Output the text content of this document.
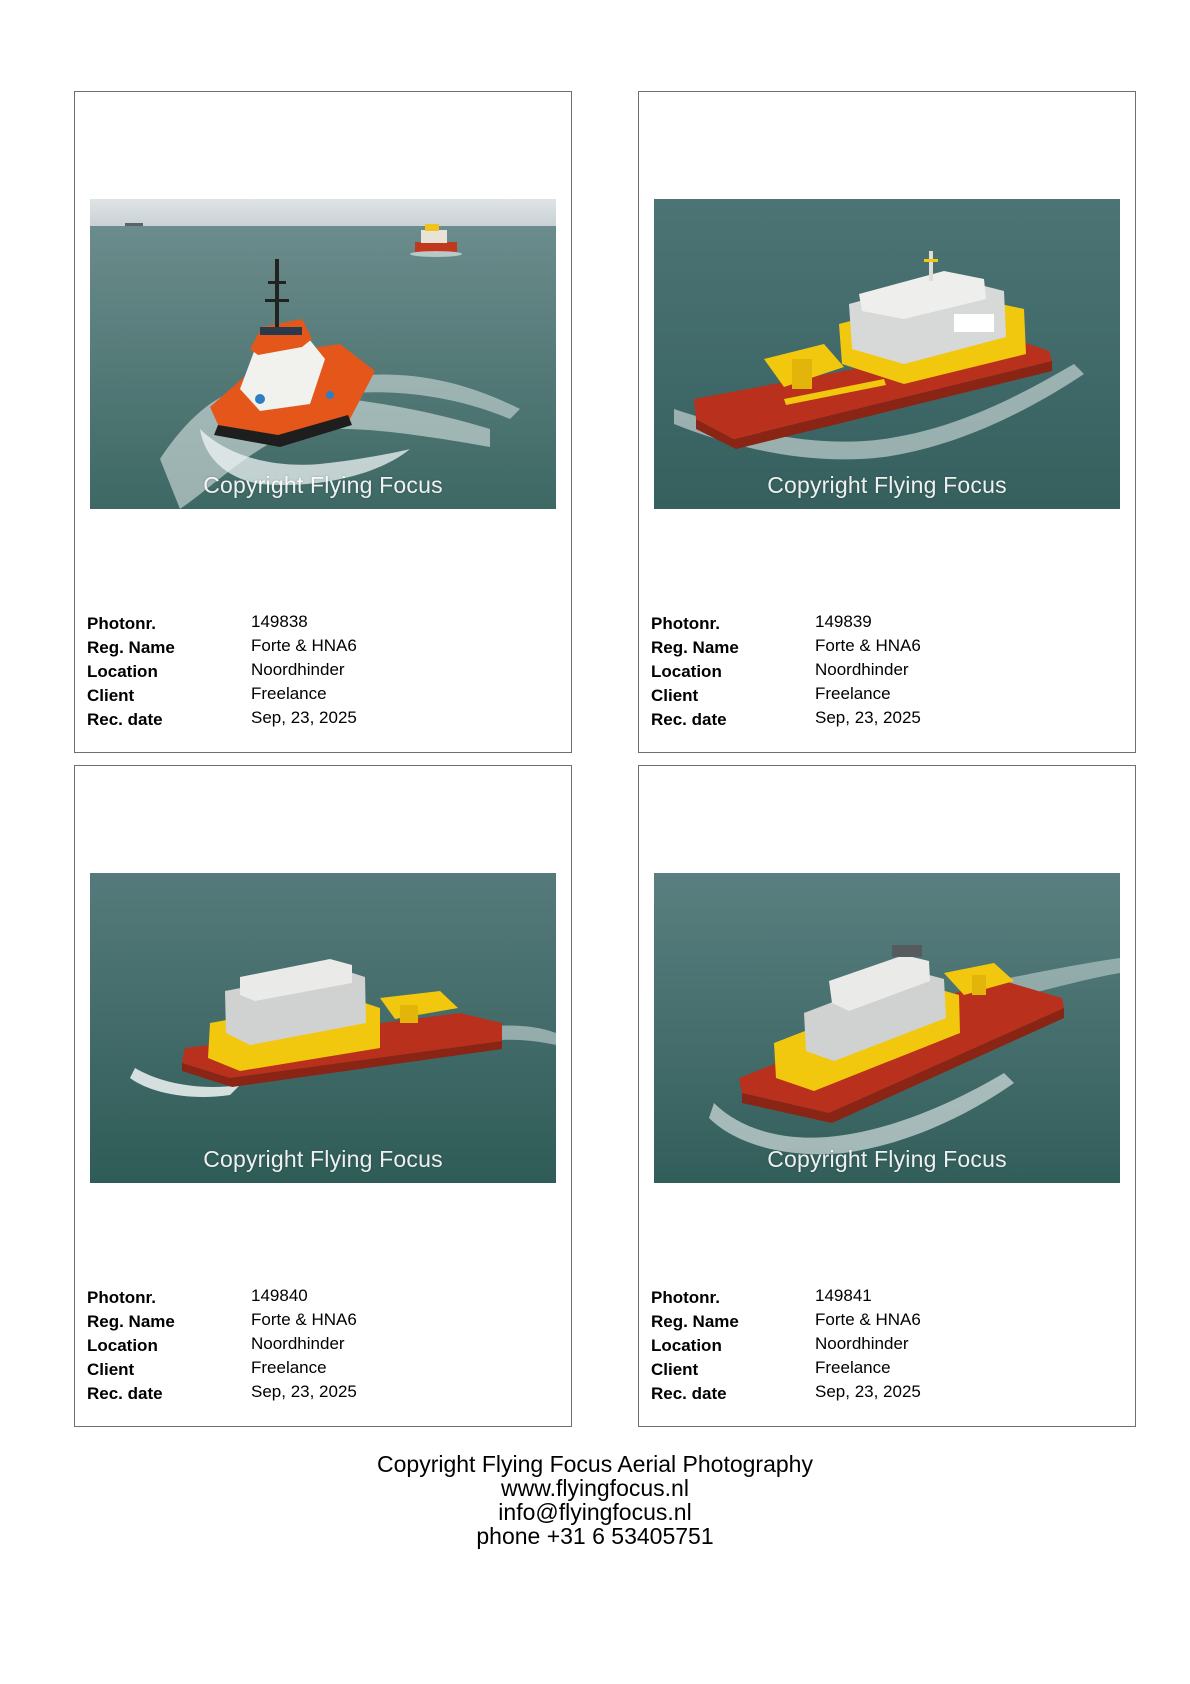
Copyright Flying Focus
Photonr.	149838
Reg. Name	Forte & HNA6
Location	Noordhinder
Client	Freelance
Rec. date	Sep, 23, 2025
Copyright Flying Focus
Photonr.	149839
Reg. Name	Forte & HNA6
Location	Noordhinder
Client	Freelance
Rec. date	Sep, 23, 2025
Copyright Flying Focus
Photonr.	149840
Reg. Name	Forte & HNA6
Location	Noordhinder
Client	Freelance
Rec. date	Sep, 23, 2025
Copyright Flying Focus
Photonr.	149841
Reg. Name	Forte & HNA6
Location	Noordhinder
Client	Freelance
Rec. date	Sep, 23, 2025
Copyright Flying Focus Aerial Photography
www.flyingfocus.nl
info@flyingfocus.nl
phone +31 6 53405751
